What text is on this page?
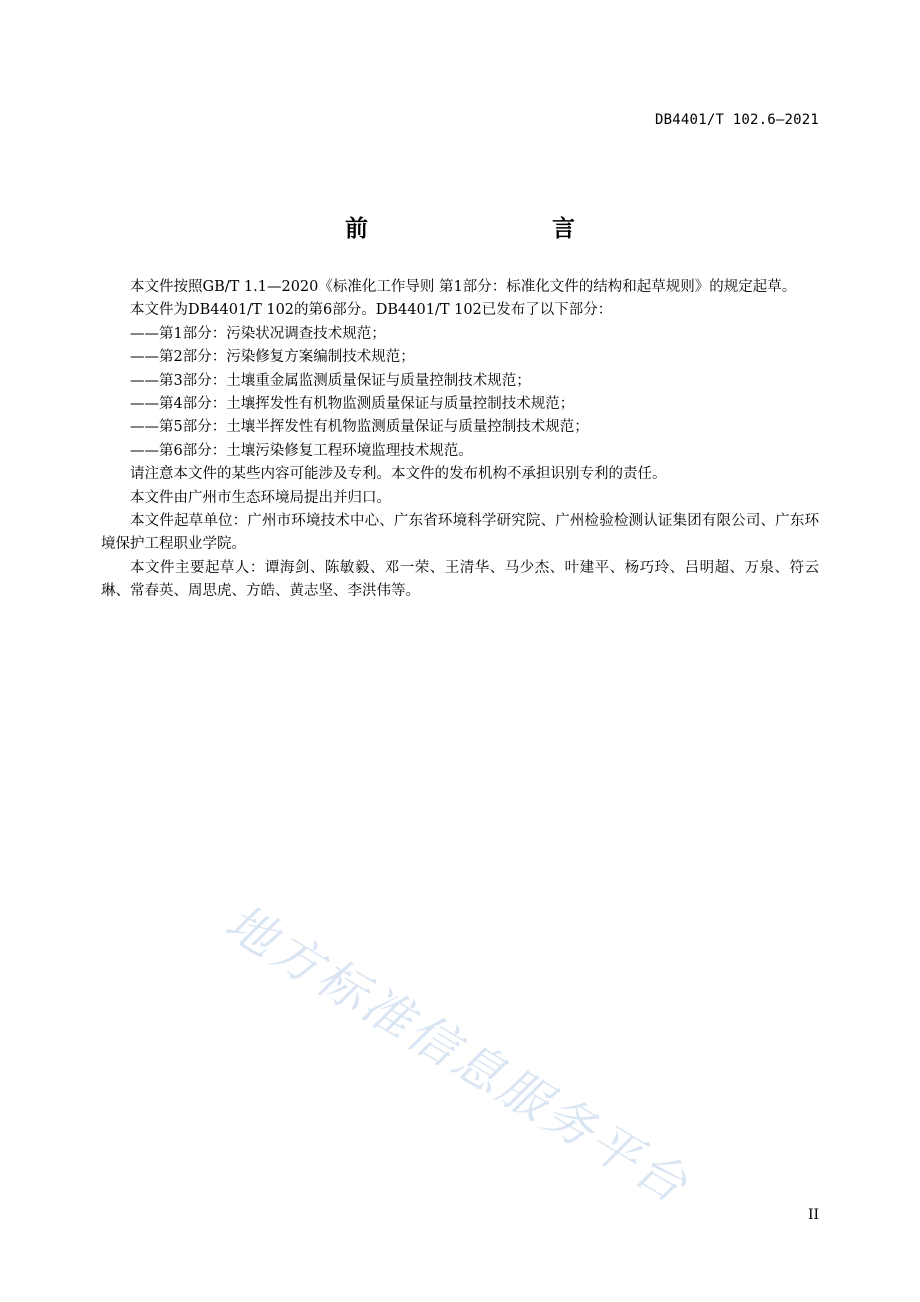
DB4401/T 102.6—2021
前　　言

本文件按照GB/T 1.1—2020《标准化工作导则 第1部分：标准化文件的结构和起草规则》的规定起草。

本文件为DB4401/T 102的第6部分。DB4401/T 102已发布了以下部分：

——第1部分：污染状况调查技术规范；

——第2部分：污染修复方案编制技术规范；

——第3部分：土壤重金属监测质量保证与质量控制技术规范；

——第4部分：土壤挥发性有机物监测质量保证与质量控制技术规范；

——第5部分：土壤半挥发性有机物监测质量保证与质量控制技术规范；

——第6部分：土壤污染修复工程环境监理技术规范。

请注意本文件的某些内容可能涉及专利。本文件的发布机构不承担识别专利的责任。

本文件由广州市生态环境局提出并归口。

本文件起草单位：广州市环境技术中心、广东省环境科学研究院、广州检验检测认证集团有限公司、广东环境保护工程职业学院。

本文件主要起草人：谭海剑、陈敏毅、邓一荣、王清华、马少杰、叶建平、杨巧玲、吕明超、万泉、符云琳、常春英、周思虎、方皓、黄志坚、李洪伟等。

地方标准信息服务平台	II
